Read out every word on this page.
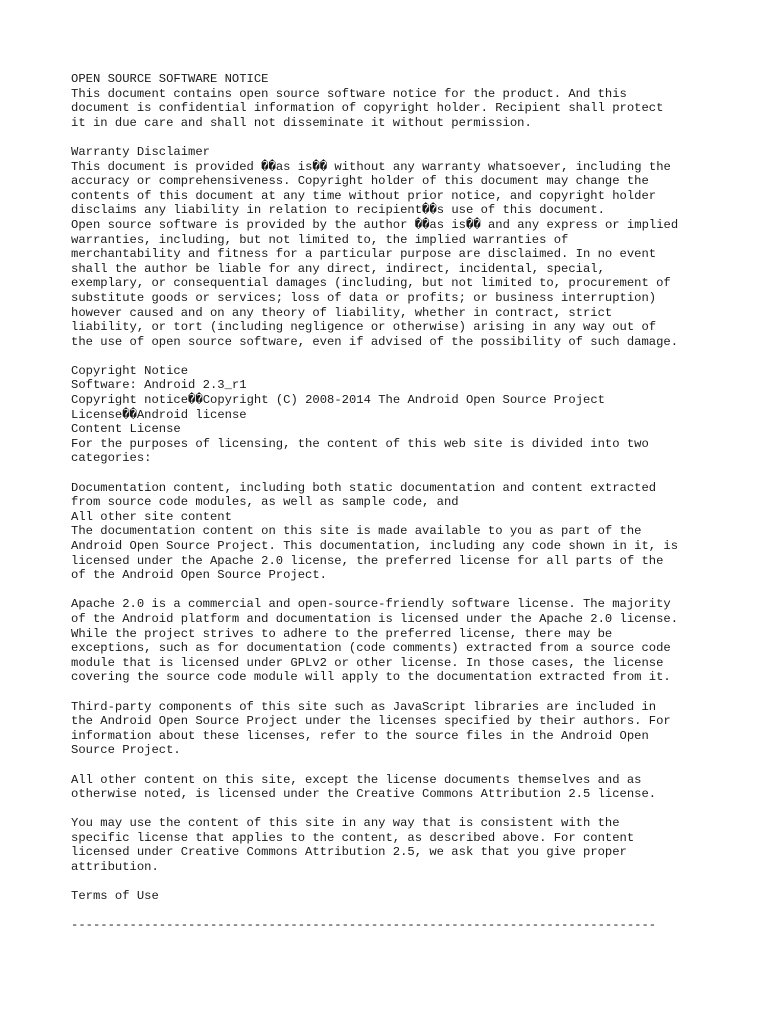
OPEN SOURCE SOFTWARE NOTICE
This document contains open source software notice for the product. And this
document is confidential information of copyright holder. Recipient shall protect
it in due care and shall not disseminate it without permission.
Warranty Disclaimer
This document is provided ��as is�� without any warranty whatsoever, including the
accuracy or comprehensiveness. Copyright holder of this document may change the
contents of this document at any time without prior notice, and copyright holder
disclaims any liability in relation to recipient��s use of this document.
Open source software is provided by the author ��as is�� and any express or implied
warranties, including, but not limited to, the implied warranties of
merchantability and fitness for a particular purpose are disclaimed. In no event
shall the author be liable for any direct, indirect, incidental, special,
exemplary, or consequential damages (including, but not limited to, procurement of
substitute goods or services; loss of data or profits; or business interruption)
however caused and on any theory of liability, whether in contract, strict
liability, or tort (including negligence or otherwise) arising in any way out of
the use of open source software, even if advised of the possibility of such damage.
Copyright Notice
Software: Android 2.3_r1
Copyright notice��Copyright (C) 2008-2014 The Android Open Source Project
License��Android license
Content License
For the purposes of licensing, the content of this web site is divided into two
categories:
Documentation content, including both static documentation and content extracted
from source code modules, as well as sample code, and
All other site content
The documentation content on this site is made available to you as part of the
Android Open Source Project. This documentation, including any code shown in it, is
licensed under the Apache 2.0 license, the preferred license for all parts of the
of the Android Open Source Project.
Apache 2.0 is a commercial and open-source-friendly software license. The majority
of the Android platform and documentation is licensed under the Apache 2.0 license.
While the project strives to adhere to the preferred license, there may be
exceptions, such as for documentation (code comments) extracted from a source code
module that is licensed under GPLv2 or other license. In those cases, the license
covering the source code module will apply to the documentation extracted from it.
Third-party components of this site such as JavaScript libraries are included in
the Android Open Source Project under the licenses specified by their authors. For
information about these licenses, refer to the source files in the Android Open
Source Project.
All other content on this site, except the license documents themselves and as
otherwise noted, is licensed under the Creative Commons Attribution 2.5 license.
You may use the content of this site in any way that is consistent with the
specific license that applies to the content, as described above. For content
licensed under Creative Commons Attribution 2.5, we ask that you give proper
attribution.
Terms of Use
--------------------------------------------------------------------------------
